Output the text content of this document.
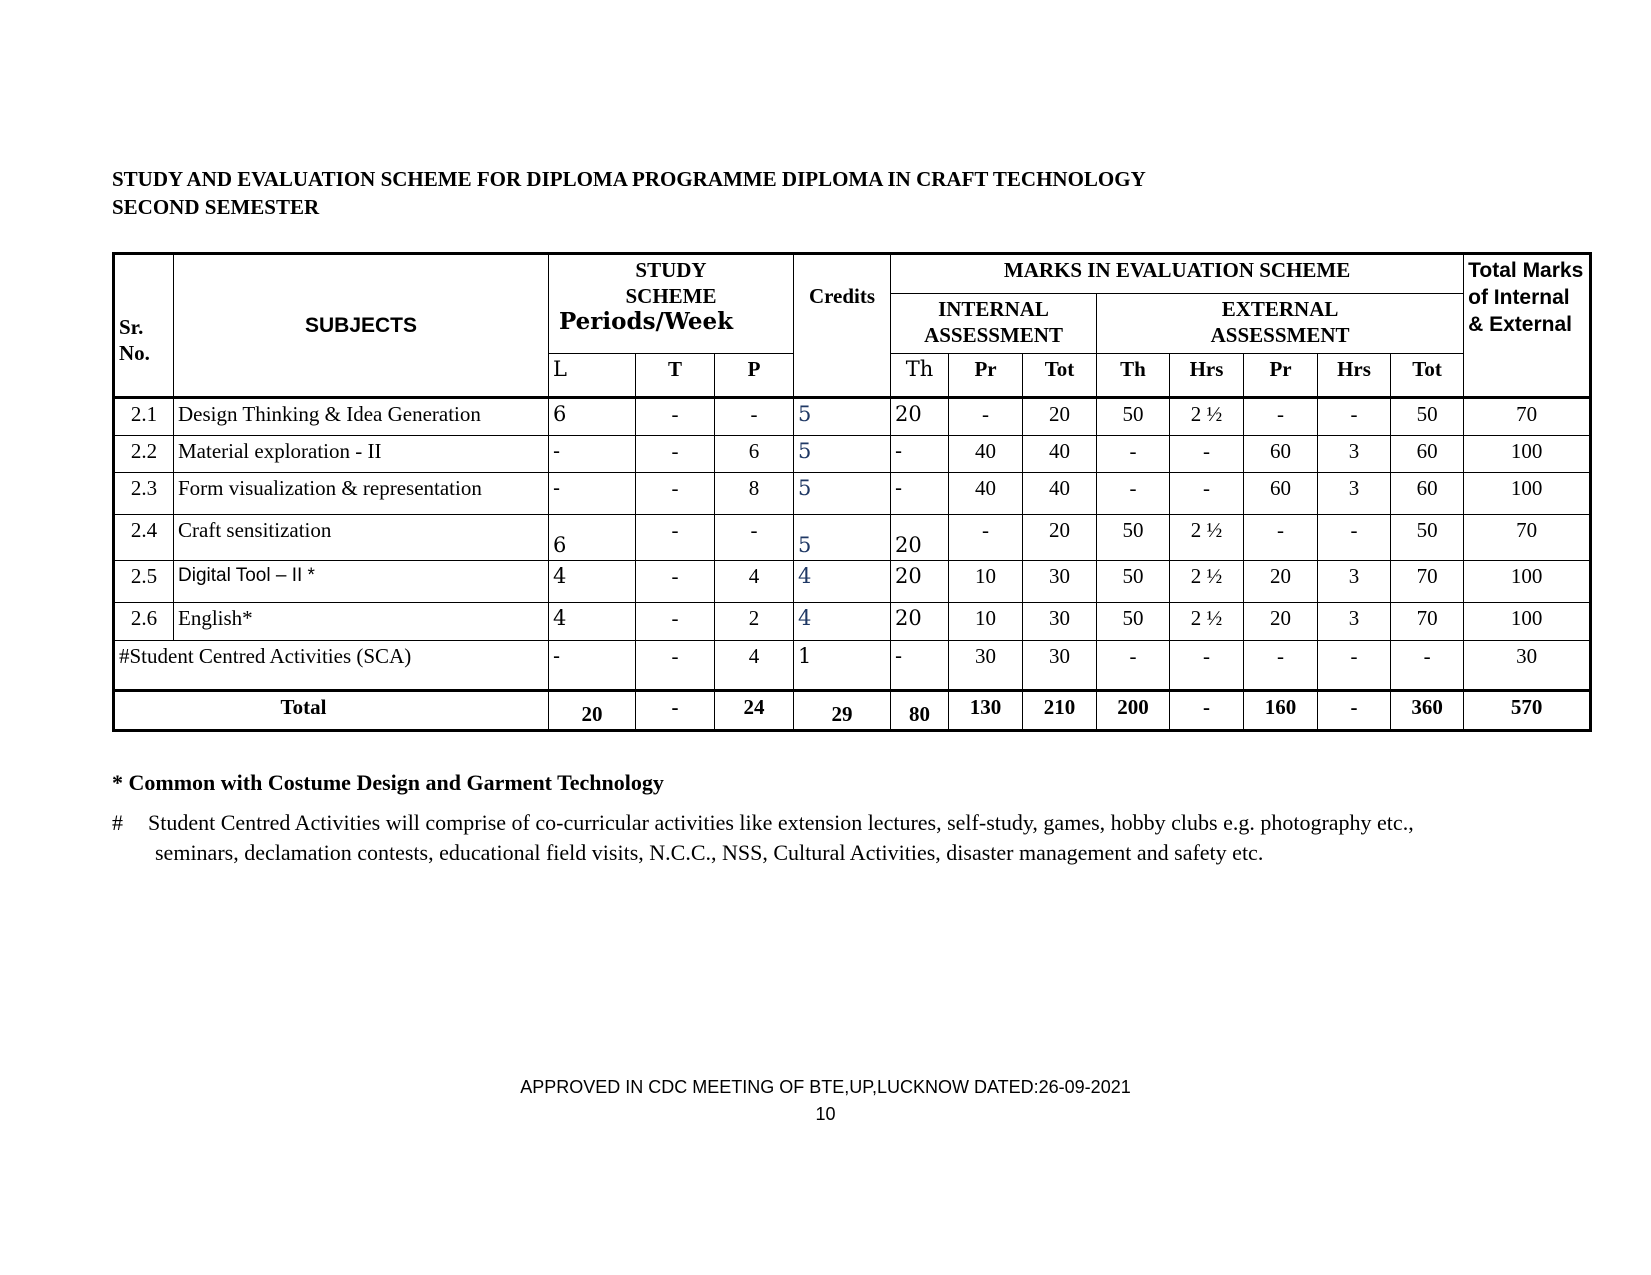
STUDY AND EVALUATION SCHEME FOR DIPLOMA PROGRAMME DIPLOMA IN CRAFT TECHNOLOGY
SECOND SEMESTER
Sr. No.	SUBJECTS	STUDY SCHEME
Periods/Week			Credits	MARKS IN EVALUATION SCHEME								Total Marks of Internal & External
						INTERNAL ASSESSMENT			EXTERNAL ASSESSMENT					

		L	T	P		Th	Pr	Tot	Th	Hrs	Pr	Hrs	Tot	
2.1	Design Thinking & Idea Generation	6	-	-	5	20	-	20	50	2 ½	-	-	50	70
2.2	Material exploration - II	-	-	6	5	-	40	40	-	-	60	3	60	100
2.3	Form visualization & representation	-	-	8	5	-	40	40	-	-	60	3	60	100
2.4	Craft sensitization	6	-	-	5	20	-	20	50	2 ½	-	-	50	70
2.5	Digital Tool – II *	4	-	4	4	20	10	30	50	2 ½	20	3	70	100
2.6	English*	4	-	2	4	20	10	30	50	2 ½	20	3	70	100
#Student Centred Activities (SCA)		-	-	4	1	-	30	30	-	-	-	-	-	30
Total		20	-	24	29	80	130	210	200	-	160	-	360	570
* Common with Costume Design and Garment Technology
# Student Centred Activities will comprise of co-curricular activities like extension lectures, self-study, games, hobby clubs e.g. photography etc.,
seminars, declamation contests, educational field visits, N.C.C., NSS, Cultural Activities, disaster management and safety etc.
APPROVED IN CDC MEETING OF BTE,UP,LUCKNOW DATED:26-09-2021
10
